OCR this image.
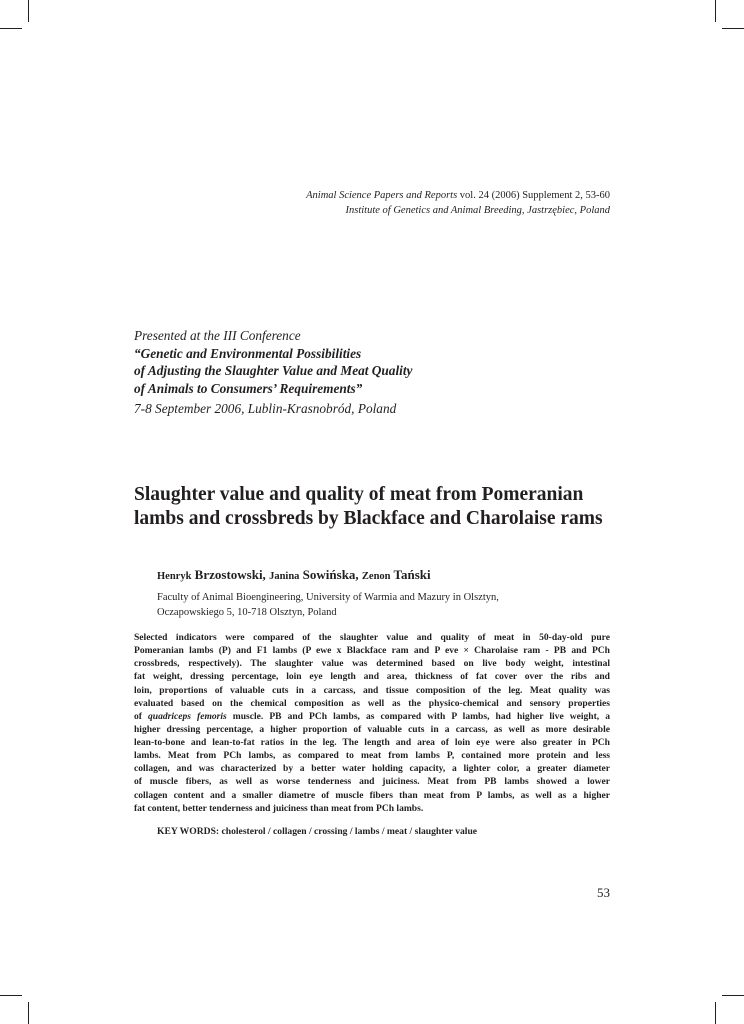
Animal Science Papers and Reports vol. 24 (2006) Supplement 2, 53-60
Institute of Genetics and Animal Breeding, Jastrzębiec, Poland
Presented at the III Conference
“Genetic and Environmental Possibilities
of Adjusting the Slaughter Value and Meat Quality
of Animals to Consumers’ Requirements”
7-8 September 2006, Lublin-Krasnobród, Poland
Slaughter value and quality of meat from Pomeranian
lambs and crossbreds by Blackface and Charolaise rams
Henryk Brzostowski, Janina Sowińska, Zenon Tański
Faculty of Animal Bioengineering, University of Warmia and Mazury in Olsztyn,
Oczapowskiego 5, 10-718 Olsztyn, Poland
Selected indicators were compared of the slaughter value and quality of meat in 50-day-old pure
Pomeranian lambs (P) and F1 lambs (P ewe x Blackface ram and P eve × Charolaise ram - PB and PCh
crossbreds, respectively). The slaughter value was determined based on live body weight, intestinal
fat weight, dressing percentage, loin eye length and area, thickness of fat cover over the ribs and
loin, proportions of valuable cuts in a carcass, and tissue composition of the leg. Meat quality was
evaluated based on the chemical composition as well as the physico-chemical and sensory properties
of quadriceps femoris muscle. PB and PCh lambs, as compared with P lambs, had higher live weight, a
higher dressing percentage, a higher proportion of valuable cuts in a carcass, as well as more desirable
lean-to-bone and lean-to-fat ratios in the leg. The length and area of loin eye were also greater in PCh
lambs. Meat from PCh lambs, as compared to meat from lambs P, contained more protein and less
collagen, and was characterized by a better water holding capacity, a lighter color, a greater diameter
of muscle fibers, as well as worse tenderness and juiciness. Meat from PB lambs showed a lower
collagen content and a smaller diametre of muscle fibers than meat from P lambs, as well as a higher
fat content, better tenderness and juiciness than meat from PCh lambs.
KEY WORDS: cholesterol / collagen / crossing / lambs / meat / slaughter value
53
